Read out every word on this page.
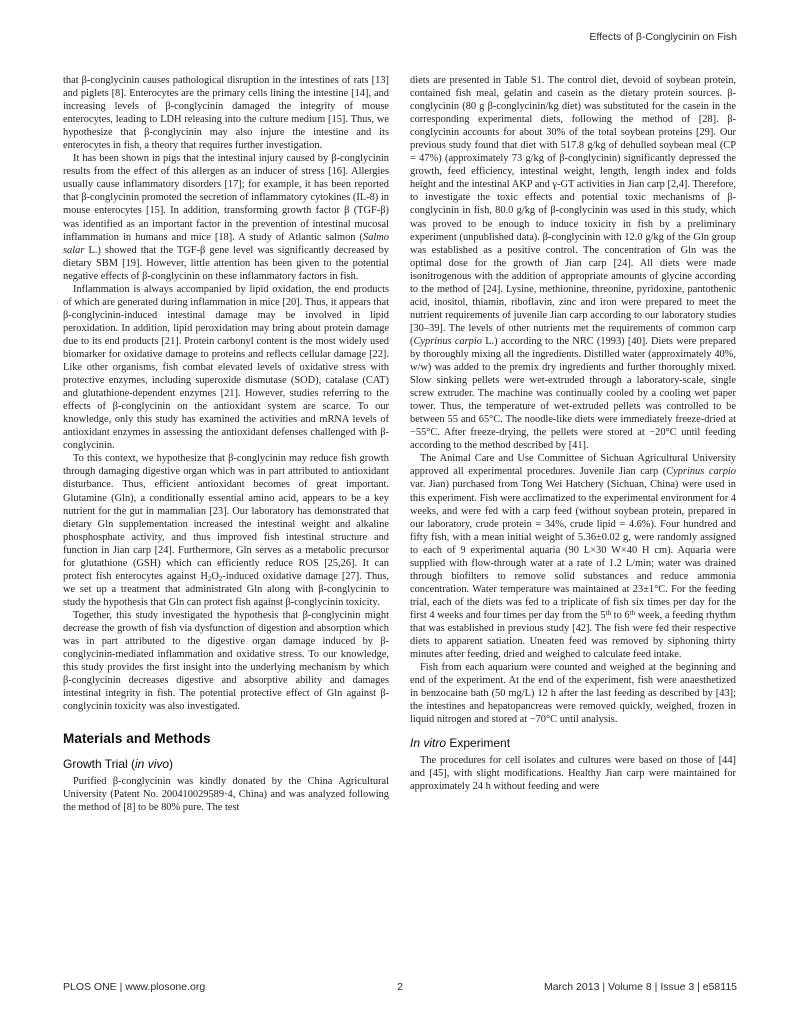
Effects of β-Conglycinin on Fish

that β-conglycinin causes pathological disruption in the intestines of rats [13] and piglets [8]. Enterocytes are the primary cells lining the intestine [14], and increasing levels of β-conglycinin damaged the integrity of mouse enterocytes, leading to LDH releasing into the culture medium [15]. Thus, we hypothesize that β-conglycinin may also injure the intestine and its enterocytes in fish, a theory that requires further investigation.

It has been shown in pigs that the intestinal injury caused by β-conglycinin results from the effect of this allergen as an inducer of stress [16]. Allergies usually cause inflammatory disorders [17]; for example, it has been reported that β-conglycinin promoted the secretion of inflammatory cytokines (IL-8) in mouse enterocytes [15]. In addition, transforming growth factor β (TGF-β) was identified as an important factor in the prevention of intestinal mucosal inflammation in humans and mice [18]. A study of Atlantic salmon (Salmo salar L.) showed that the TGF-β gene level was significantly decreased by dietary SBM [19]. However, little attention has been given to the potential negative effects of β-conglycinin on these inflammatory factors in fish.

Inflammation is always accompanied by lipid oxidation, the end products of which are generated during inflammation in mice [20]. Thus, it appears that β-conglycinin-induced intestinal damage may be involved in lipid peroxidation. In addition, lipid peroxidation may bring about protein damage due to its end products [21]. Protein carbonyl content is the most widely used biomarker for oxidative damage to proteins and reflects cellular damage [22]. Like other organisms, fish combat elevated levels of oxidative stress with protective enzymes, including superoxide dismutase (SOD), catalase (CAT) and glutathione-dependent enzymes [21]. However, studies referring to the effects of β-conglycinin on the antioxidant system are scarce. To our knowledge, only this study has examined the activities and mRNA levels of antioxidant enzymes in assessing the antioxidant defenses challenged with β-conglycinin.

To this context, we hypothesize that β-conglycinin may reduce fish growth through damaging digestive organ which was in part attributed to antioxidant disturbance. Thus, efficient antioxidant becomes of great important. Glutamine (Gln), a conditionally essential amino acid, appears to be a key nutrient for the gut in mammalian [23]. Our laboratory has demonstrated that dietary Gln supplementation increased the intestinal weight and alkaline phosphosphate activity, and thus improved fish intestinal structure and function in Jian carp [24]. Furthermore, Gln serves as a metabolic precursor for glutathione (GSH) which can efficiently reduce ROS [25,26]. It can protect fish enterocytes against $H_2O_2$-induced oxidative damage [27]. Thus, we set up a treatment that administrated Gln along with β-conglycinin to study the hypothesis that Gln can protect fish against β-conglycinin toxicity.

Together, this study investigated the hypothesis that β-conglycinin might decrease the growth of fish via dysfunction of digestion and absorption which was in part attributed to the digestive organ damage induced by β-conglycinin-mediated inflammation and oxidative stress. To our knowledge, this study provides the first insight into the underlying mechanism by which β-conglycinin decreases digestive and absorptive ability and damages intestinal integrity in fish. The potential protective effect of Gln against β-conglycinin toxicity was also investigated.

Materials and Methods
Growth Trial (in vivo)

Purified β-conglycinin was kindly donated by the China Agricultural University (Patent No. 200410029589·4, China) and was analyzed following the method of [8] to be 80% pure. The test

diets are presented in Table S1. The control diet, devoid of soybean protein, contained fish meal, gelatin and casein as the dietary protein sources. β-conglycinin (80 g β-conglycinin/kg diet) was substituted for the casein in the corresponding experimental diets, following the method of [28]. β-conglycinin accounts for about 30% of the total soybean proteins [29]. Our previous study found that diet with 517.8 g/kg of dehulled soybean meal (CP = 47%) (approximately 73 g/kg of β-conglycinin) significantly depressed the growth, feed efficiency, intestinal weight, length, length index and folds height and the intestinal AKP and γ-GT activities in Jian carp [2,4]. Therefore, to investigate the toxic effects and potential toxic mechanisms of β-conglycinin in fish, 80.0 g/kg of β-conglycinin was used in this study, which was proved to be enough to induce toxicity in fish by a preliminary experiment (unpublished data). β-conglycinin with 12.0 g/kg of the Gln group was established as a positive control. The concentration of Gln was the optimal dose for the growth of Jian carp [24]. All diets were made isonitrogenous with the addition of appropriate amounts of glycine according to the method of [24]. Lysine, methionine, threonine, pyridoxine, pantothenic acid, inositol, thiamin, riboflavin, zinc and iron were prepared to meet the nutrient requirements of juvenile Jian carp according to our laboratory studies [30–39]. The levels of other nutrients met the requirements of common carp (Cyprinus carpio L.) according to the NRC (1993) [40]. Diets were prepared by thoroughly mixing all the ingredients. Distilled water (approximately 40%, w/w) was added to the premix dry ingredients and further thoroughly mixed. Slow sinking pellets were wet-extruded through a laboratory-scale, single screw extruder. The machine was continually cooled by a cooling wet paper tower. Thus, the temperature of wet-extruded pellets was controlled to be between 55 and 65°C. The noodle-like diets were immediately freeze-dried at −55°C. After freeze-drying, the pellets were stored at −20°C until feeding according to the method described by [41].

The Animal Care and Use Committee of Sichuan Agricultural University approved all experimental procedures. Juvenile Jian carp (Cyprinus carpio var. Jian) purchased from Tong Wei Hatchery (Sichuan, China) were used in this experiment. Fish were acclimatized to the experimental environment for 4 weeks, and were fed with a carp feed (without soybean protein, prepared in our laboratory, crude protein = 34%, crude lipid = 4.6%). Four hundred and fifty fish, with a mean initial weight of 5.36±0.02 g, were randomly assigned to each of 9 experimental aquaria (90 L×30 W×40 H cm). Aquaria were supplied with flow-through water at a rate of 1.2 L/min; water was drained through biofilters to remove solid substances and reduce ammonia concentration. Water temperature was maintained at 23±1°C. For the feeding trial, each of the diets was fed to a triplicate of fish six times per day for the first 4 weeks and four times per day from the 5th to 6th week, a feeding rhythm that was established in previous study [42]. The fish were fed their respective diets to apparent satiation. Uneaten feed was removed by siphoning thirty minutes after feeding, dried and weighed to calculate feed intake.

Fish from each aquarium were counted and weighed at the beginning and end of the experiment. At the end of the experiment, fish were anaesthetized in benzocaine bath (50 mg/L) 12 h after the last feeding as described by [43]; the intestines and hepatopancreas were removed quickly, weighed, frozen in liquid nitrogen and stored at −70°C until analysis.

In vitro Experiment

The procedures for cell isolates and cultures were based on those of [44] and [45], with slight modifications. Healthy Jian carp were maintained for approximately 24 h without feeding and were

PLOS ONE | www.plosone.org	2	March 2013 | Volume 8 | Issue 3 | e58115
